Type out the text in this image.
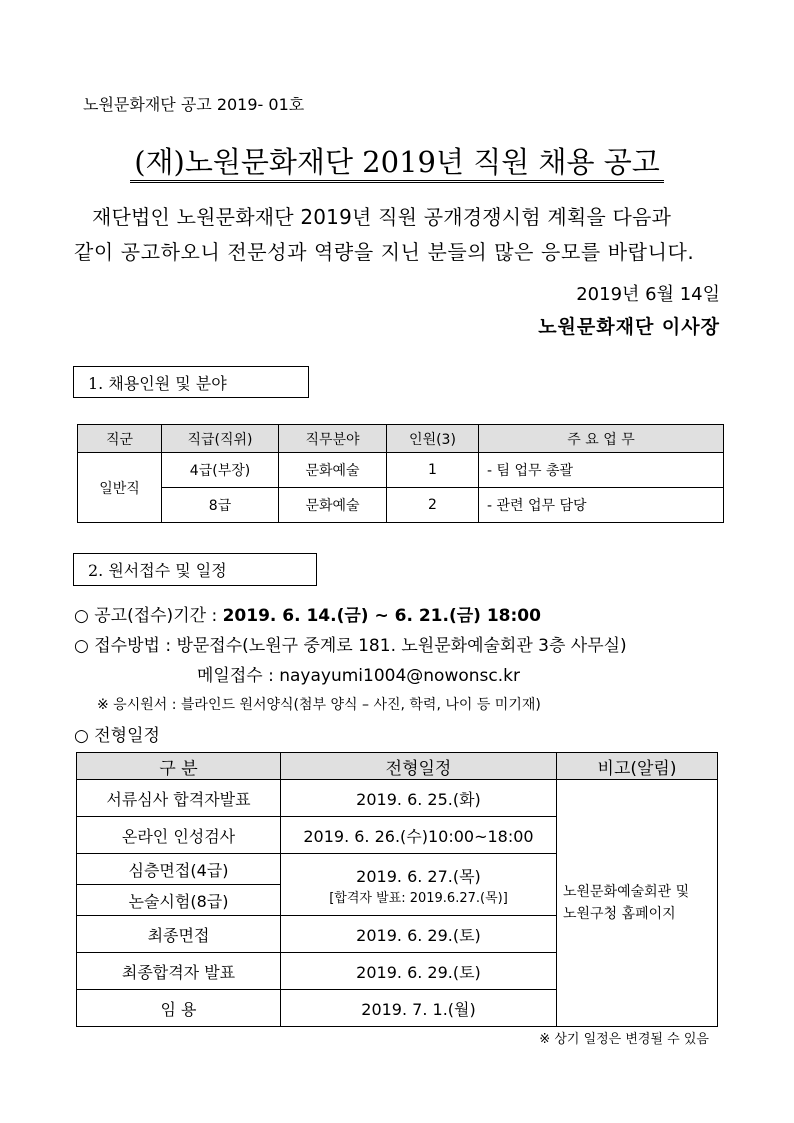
노원문화재단 공고 2019- 01호
(재)노원문화재단 2019년 직원 채용 공고
재단법인 노원문화재단 2019년 직원 공개경쟁시험 계획을 다음과
같이 공고하오니 전문성과 역량을 지닌 분들의 많은 응모를 바랍니다.
2019년 6월 14일
노원문화재단 이사장
1. 채용인원 및 분야
직군	직급(직위)	직무분야	인원(3)	주 요 업 무
일반직	4급(부장)	문화예술	1	- 팀 업무 총괄
	8급	문화예술	2	- 관련 업무 담당
2. 원서접수 및 일정
○ 공고(접수)기간 : 2019. 6. 14.(금) ~ 6. 21.(금) 18:00
○ 접수방법 : 방문접수(노원구 중계로 181. 노원문화예술회관 3층 사무실)
메일접수 : nayayumi1004@nowonsc.kr
※ 응시원서 : 블라인드 원서양식(첨부 양식 – 사진, 학력, 나이 등 미기재)
○ 전형일정
구 분	전형일정	비고(알림)
서류심사 합격자발표	2019. 6. 25.(화)	노원문화예술회관 및
노원구청 홈페이지
온라인 인성검사	2019. 6. 26.(수)10:00~18:00	
심층면접(4급)	2019. 6. 27.(목)
[합격자 발표: 2019.6.27.(목)]	

논술시험(8급)		
최종면접	2019. 6. 29.(토)	
최종합격자 발표	2019. 6. 29.(토)	
임 용	2019. 7. 1.(월)	
※ 상기 일정은 변경될 수 있음
